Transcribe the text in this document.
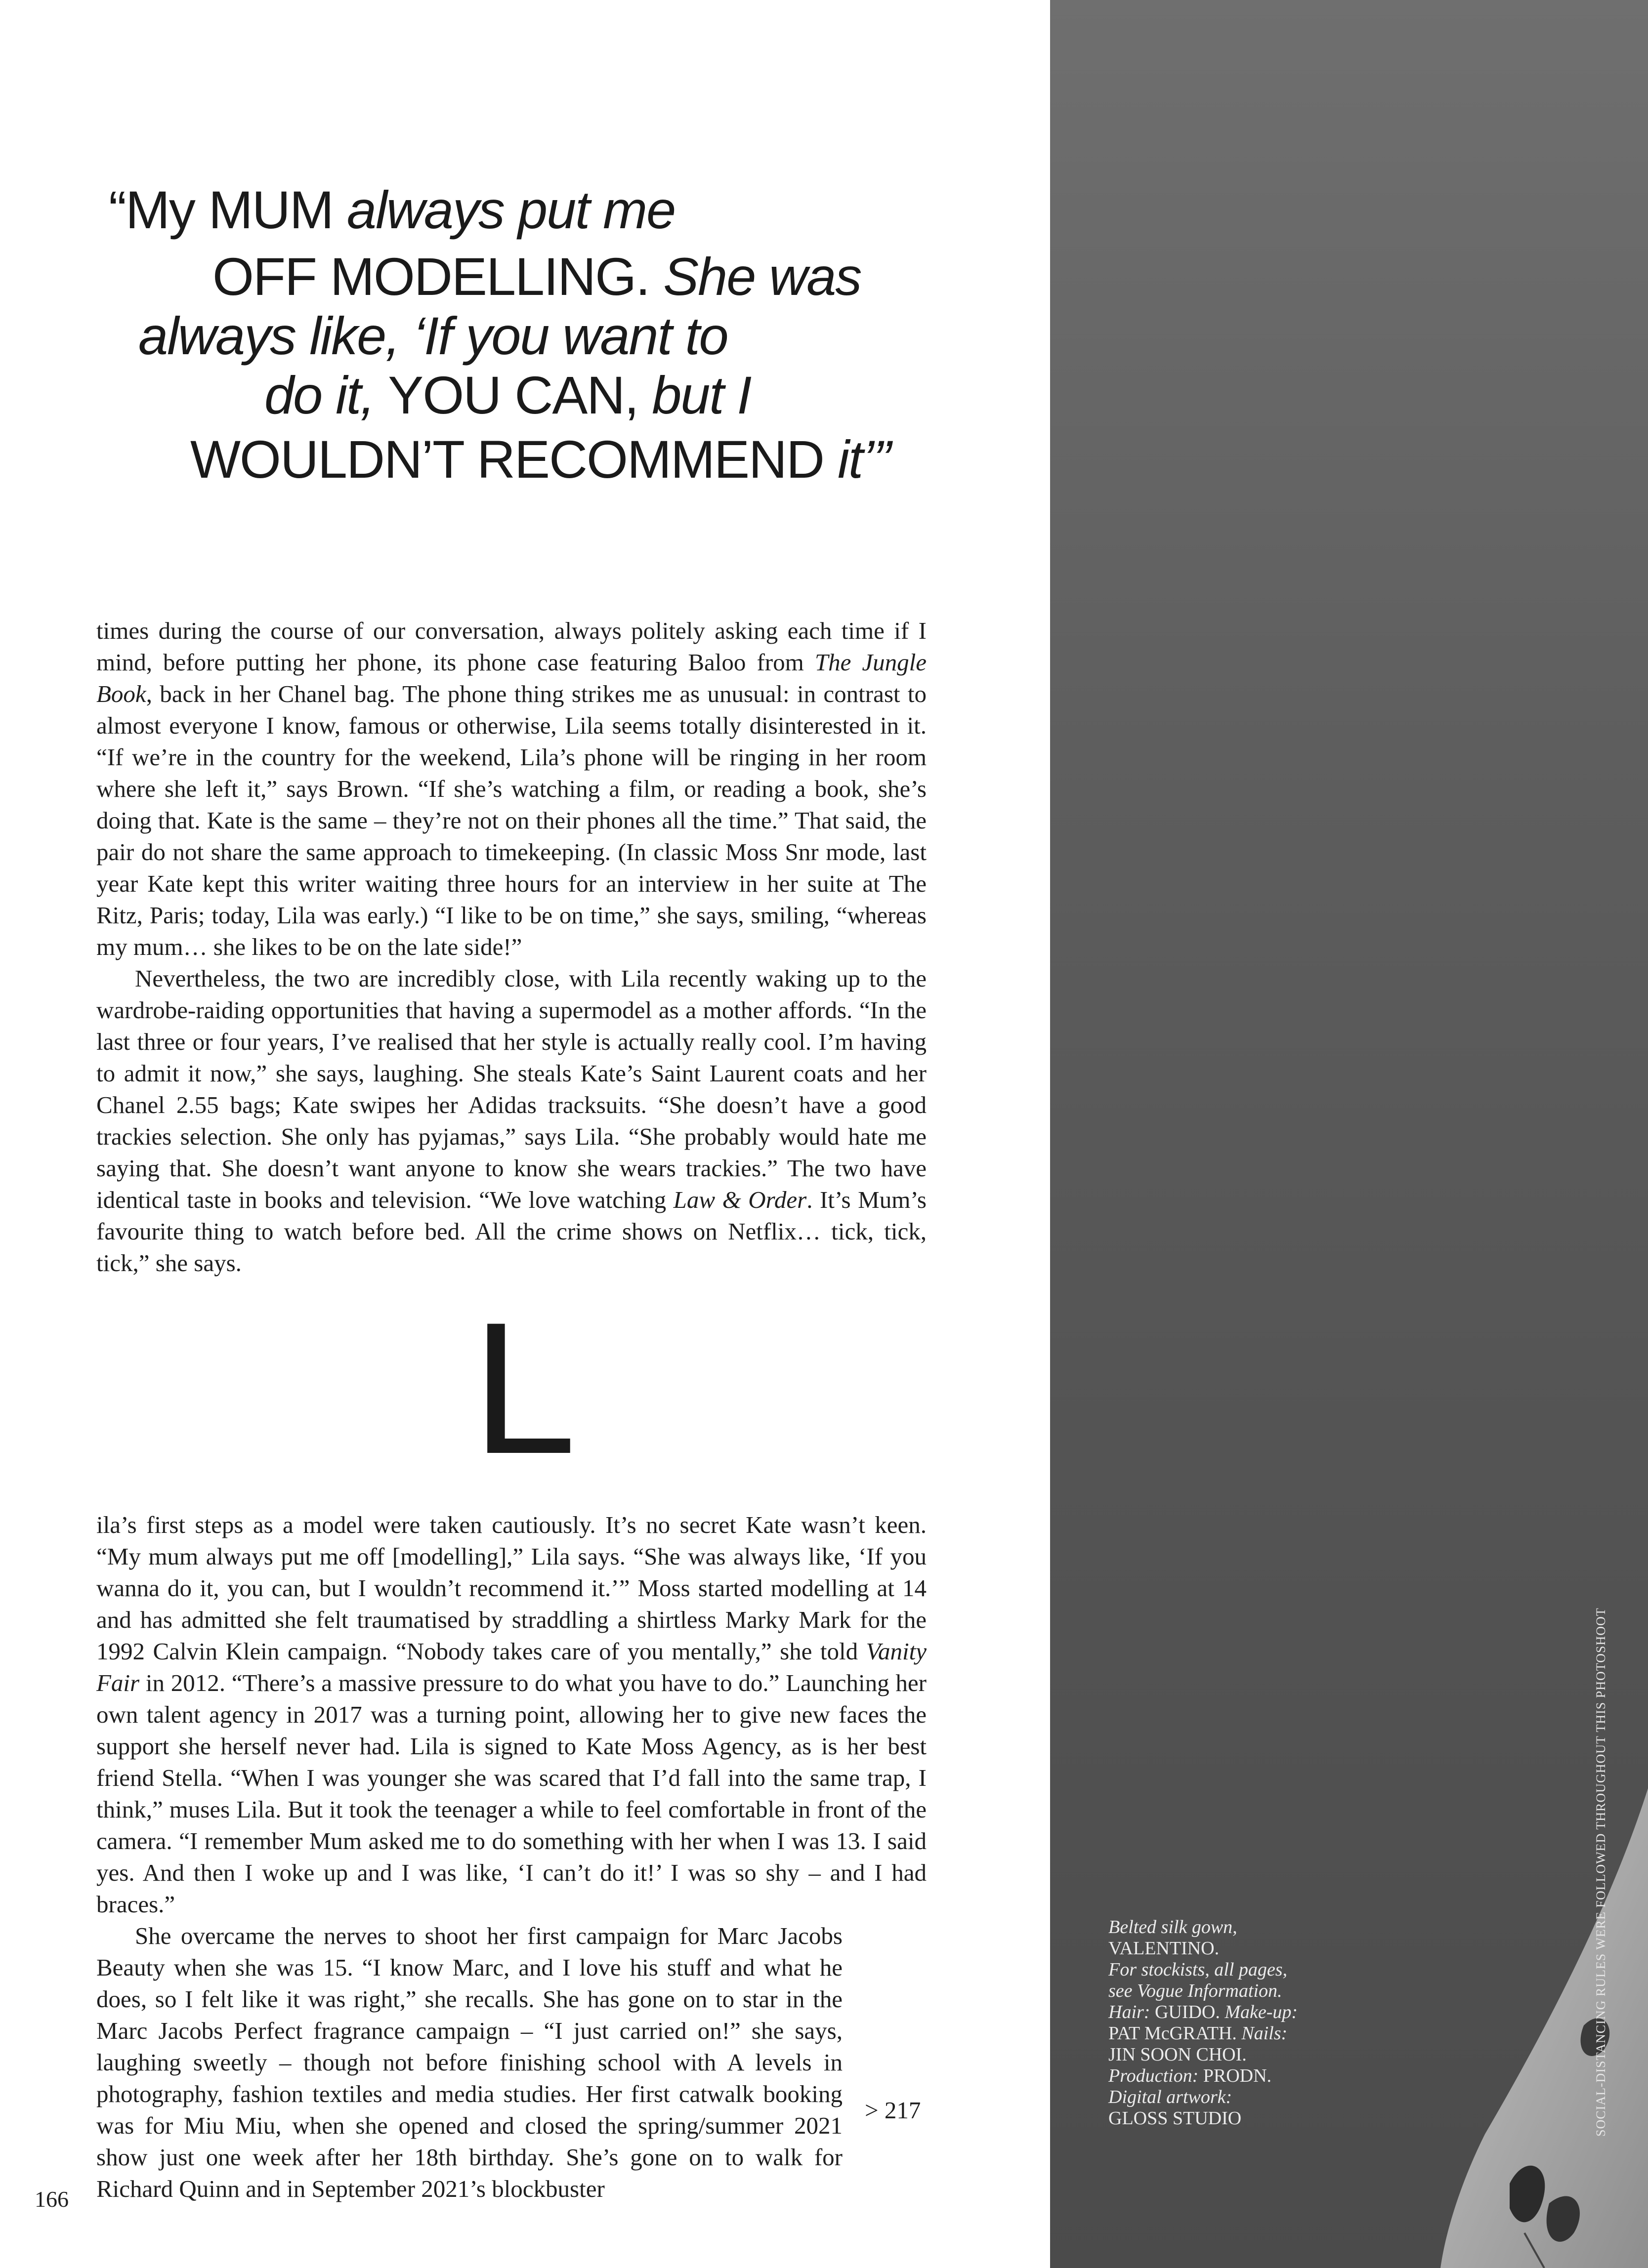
“My MUM always put me
OFF MODELLING. She was
always like, ‘If you want to
do it, YOU CAN, but I
WOULDN’T RECOMMEND it’”

times during the course of our conversation, always politely asking each time if I mind, before putting her phone, its phone case featuring Baloo from The Jungle Book, back in her Chanel bag. The phone thing strikes me as unusual: in contrast to almost everyone I know, famous or otherwise, Lila seems totally disinterested in it. “If we’re in the country for the weekend, Lila’s phone will be ringing in her room where she left it,” says Brown. “If she’s watching a film, or reading a book, she’s doing that. Kate is the same – they’re not on their phones all the time.” That said, the pair do not share the same approach to timekeeping. (In classic Moss Snr mode, last year Kate kept this writer waiting three hours for an interview in her suite at The Ritz, Paris; today, Lila was early.) “I like to be on time,” she says, smiling, “whereas my mum… she likes to be on the late side!”

Nevertheless, the two are incredibly close, with Lila recently waking up to the wardrobe-raiding opportunities that having a supermodel as a mother affords. “In the last three or four years, I’ve realised that her style is actually really cool. I’m having to admit it now,” she says, laughing. She steals Kate’s Saint Laurent coats and her Chanel 2.55 bags; Kate swipes her Adidas tracksuits. “She doesn’t have a good trackies selection. She only has pyjamas,” says Lila. “She probably would hate me saying that. She doesn’t want anyone to know she wears trackies.” The two have identical taste in books and television. “We love watching Law & Order. It’s Mum’s favourite thing to watch before bed. All the crime shows on Netflix… tick, tick, tick,” she says.

L

ila’s first steps as a model were taken cautiously. It’s no secret Kate wasn’t keen. “My mum always put me off [modelling],” Lila says. “She was always like, ‘If you wanna do it, you can, but I wouldn’t recommend it.’” Moss started modelling at 14 and has admitted she felt traumatised by straddling a shirtless Marky Mark for the 1992 Calvin Klein campaign. “Nobody takes care of you mentally,” she told Vanity Fair in 2012. “There’s a massive pressure to do what you have to do.” Launching her own talent agency in 2017 was a turning point, allowing her to give new faces the support she herself never had. Lila is signed to Kate Moss Agency, as is her best friend Stella. “When I was younger she was scared that I’d fall into the same trap, I think,” muses Lila. But it took the teenager a while to feel comfortable in front of the camera. “I remember Mum asked me to do something with her when I was 13. I said yes. And then I woke up and I was like, ‘I can’t do it!’ I was so shy – and I had braces.”

She overcame the nerves to shoot her first campaign for Marc Jacobs Beauty when she was 15. “I know Marc, and I love his stuff and what he does, so I felt like it was right,” she recalls. She has gone on to star in the Marc Jacobs Perfect fragrance campaign – “I just carried on!” she says, laughing sweetly – though not before finishing school with A levels in photography, fashion textiles and media studies. Her first catwalk booking was for Miu Miu, when she opened and closed the spring/summer 2021 show just one week after her 18th birthday. She’s gone on to walk for Richard Quinn and in September 2021’s blockbuster

> 217
166
Belted silk gown,
VALENTINO.
For stockists, all pages,
see Vogue Information.
Hair: GUIDO. Make-up:
PAT McGRATH. Nails:
JIN SOON CHOI.
Production: PRODN.
Digital artwork:
GLOSS STUDIO	SOCIAL-DISTANCING RULES WERE FOLLOWED THROUGHOUT THIS PHOTOSHOOT
